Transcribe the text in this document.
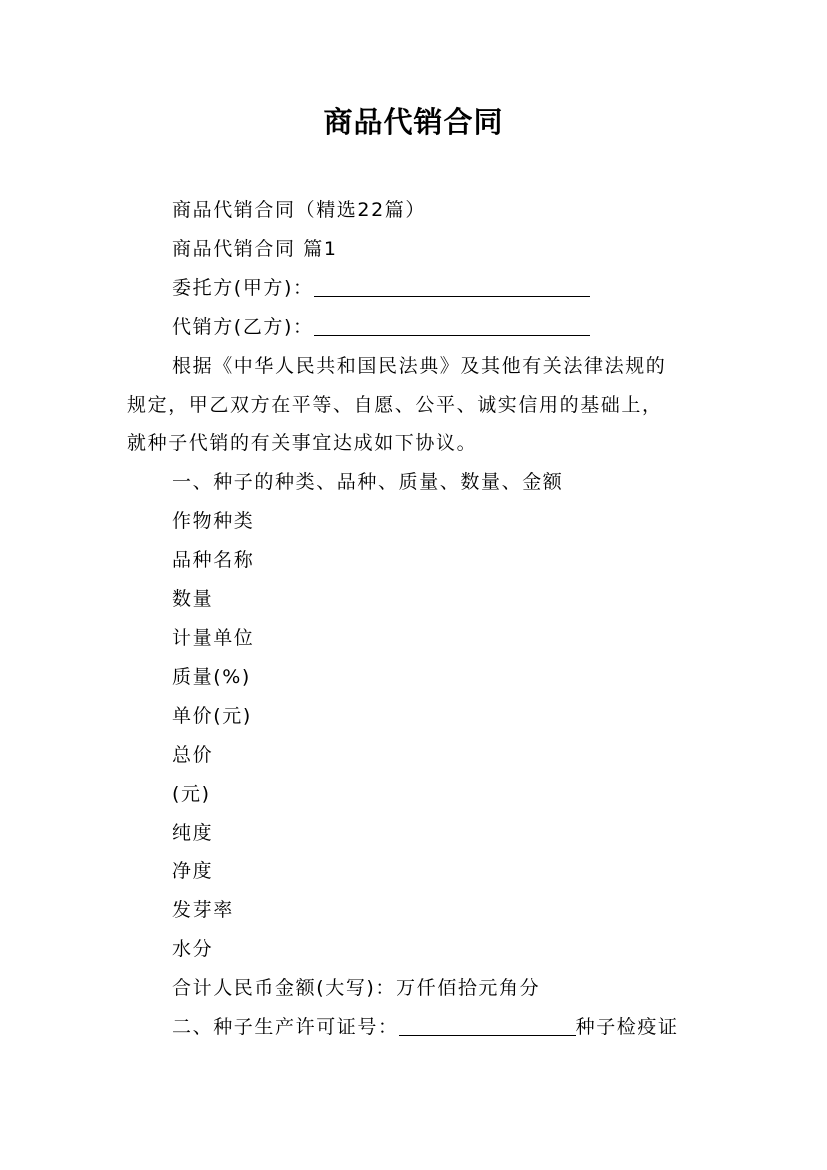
商品代销合同

商品代销合同（精选22篇）

商品代销合同 篇1

委托方(甲方)：

代销方(乙方)：

根据《中华人民共和国民法典》及其他有关法律法规的

规定，甲乙双方在平等、自愿、公平、诚实信用的基础上，

就种子代销的有关事宜达成如下协议。

一、种子的种类、品种、质量、数量、金额

作物种类

品种名称

数量

计量单位

质量(%)

单价(元)

总价

(元)

纯度

净度

发芽率

水分

合计人民币金额(大写)：万仟佰拾元角分

二、种子生产许可证号：	种子检疫证
